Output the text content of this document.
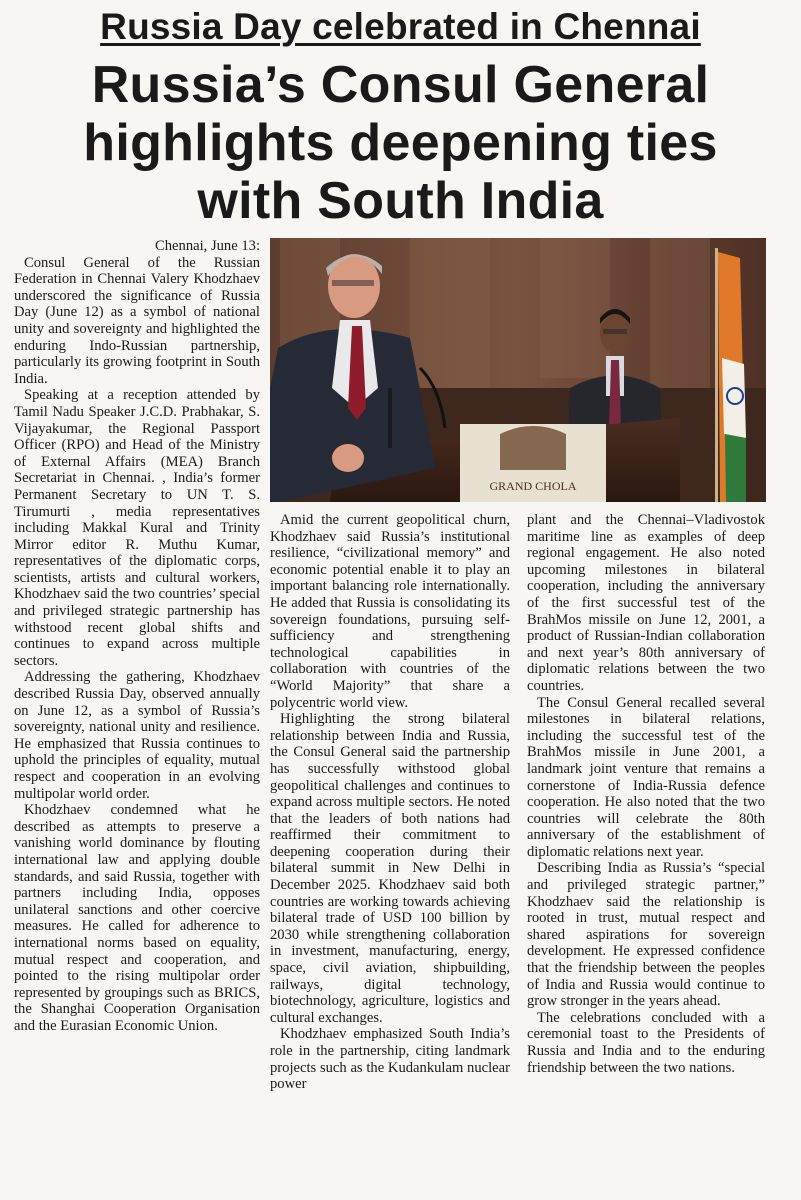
Russia Day celebrated in Chennai
Russia’s Consul General
highlights deepening ties
with South India
GRAND CHOLA
Chennai, June 13:

Consul General of the Russian Federation in Chennai Valery Khodzhaev underscored the significance of Russia Day (June 12) as a symbol of national unity and sovereignty and highlighted the enduring Indo-Russian partnership, particularly its growing footprint in South India.

Speaking at a reception attended by Tamil Nadu Speaker J.C.D. Prabhakar, S. Vijayakumar, the Regional Passport Officer (RPO) and Head of the Ministry of External Affairs (MEA) Branch Secretariat in Chennai. , India’s former Permanent Secretary to UN T. S. Tirumurti , media representatives including Makkal Kural and Trinity Mirror editor R. Muthu Kumar, representatives of the diplomatic corps, scientists, artists and cultural workers, Khodzhaev said the two countries’ special and privileged strategic partnership has withstood recent global shifts and continues to expand across multiple sectors.

Addressing the gathering, Khodzhaev described Russia Day, observed annually on June 12, as a symbol of Russia’s sovereignty, national unity and resilience. He emphasized that Russia continues to uphold the principles of equality, mutual respect and cooperation in an evolving multipolar world order.

Khodzhaev condemned what he described as attempts to preserve a vanishing world dominance by flouting international law and applying double standards, and said Russia, together with partners including India, opposes unilateral sanctions and other coercive measures. He called for adherence to international norms based on equality, mutual respect and cooperation, and pointed to the rising multipolar order represented by groupings such as BRICS, the Shanghai Cooperation Organisation and the Eurasian Economic Union.

Amid the current geopolitical churn, Khodzhaev said Russia’s institutional resilience, “civilizational memory” and economic potential enable it to play an important balancing role internationally. He added that Russia is consolidating its sovereign foundations, pursuing self-sufficiency and strengthening technological capabilities in collaboration with countries of the “World Majority” that share a polycentric world view.

Highlighting the strong bilateral relationship between India and Russia, the Consul General said the partnership has successfully withstood global geopolitical challenges and continues to expand across multiple sectors. He noted that the leaders of both nations had reaffirmed their commitment to deepening cooperation during their bilateral summit in New Delhi in December 2025. Khodzhaev said both countries are working towards achieving bilateral trade of USD 100 billion by 2030 while strengthening collaboration in investment, manufacturing, energy, space, civil aviation, shipbuilding, railways, digital technology, biotechnology, agriculture, logistics and cultural exchanges.

Khodzhaev emphasized South India’s role in the partnership, citing landmark projects such as the Kudankulam nuclear power

plant and the Chennai–Vladivostok maritime line as examples of deep regional engagement. He also noted upcoming milestones in bilateral cooperation, including the anniversary of the first successful test of the BrahMos missile on June 12, 2001, a product of Russian-Indian collaboration and next year’s 80th anniversary of diplomatic relations between the two countries.

The Consul General recalled several milestones in bilateral relations, including the successful test of the BrahMos missile in June 2001, a landmark joint venture that remains a cornerstone of India-Russia defence cooperation. He also noted that the two countries will celebrate the 80th anniversary of the establishment of diplomatic relations next year.

Describing India as Russia’s “special and privileged strategic partner,” Khodzhaev said the relationship is rooted in trust, mutual respect and shared aspirations for sovereign development. He expressed confidence that the friendship between the peoples of India and Russia would continue to grow stronger in the years ahead.

The celebrations concluded with a ceremonial toast to the Presidents of Russia and India and to the enduring friendship between the two nations.
